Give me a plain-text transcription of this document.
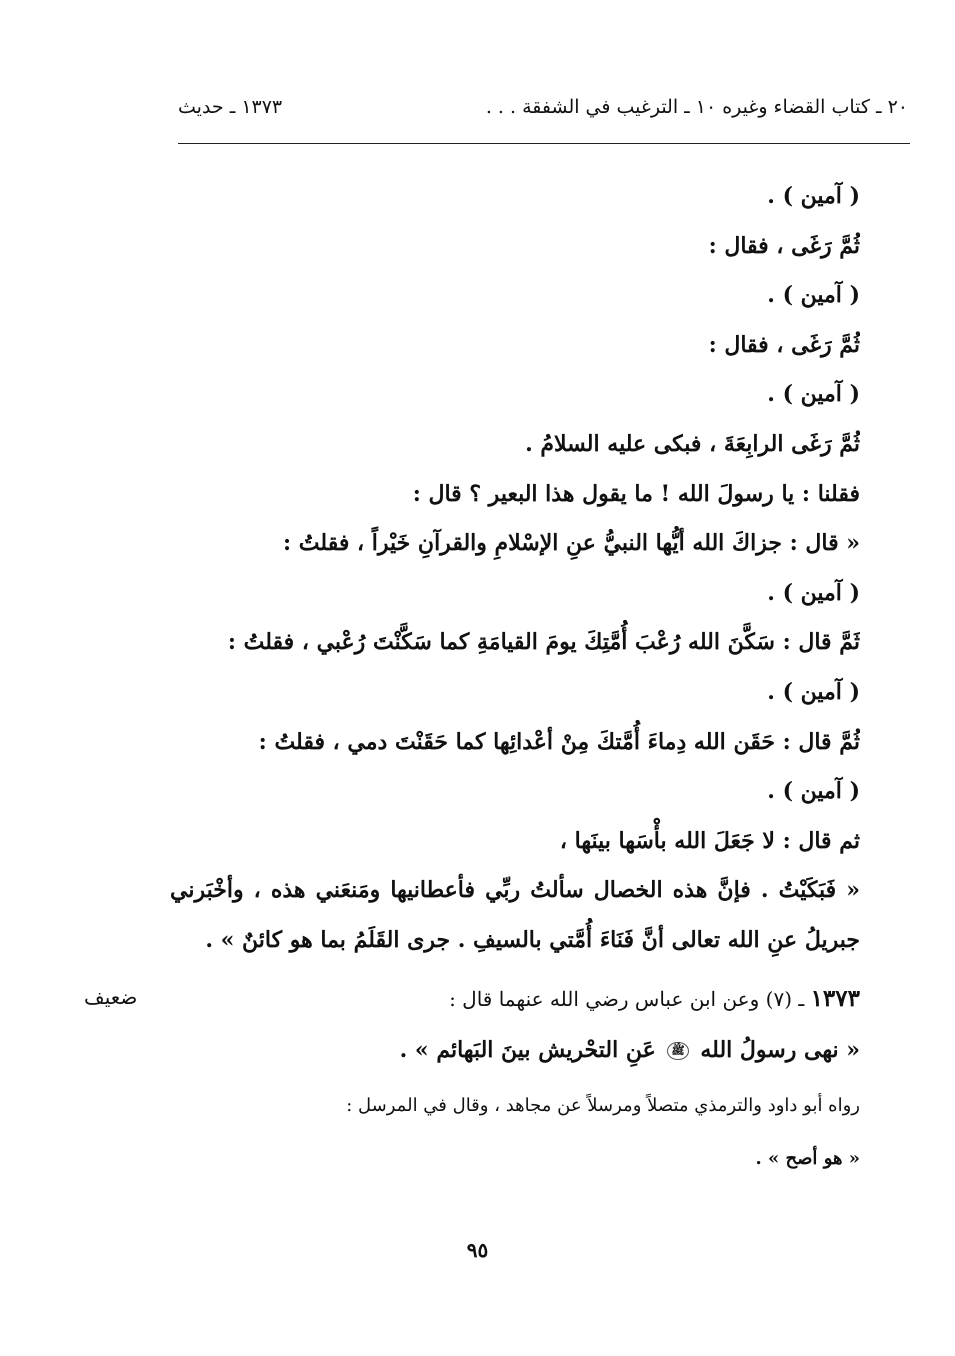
٢٠ ـ كتاب القضاء وغيره ١٠ ـ الترغيب في الشفقة . . .
١٣٧٣ ـ حديث
( آمين ) .
ثُمَّ رَغَى ، فقال :
( آمين ) .
ثُمَّ رَغَى ، فقال :
( آمين ) .
ثُمَّ رَغَى الرابِعَةَ ، فبكى عليه السلامُ .
فقلنا : يا رسولَ الله ! ما يقول هذا البعير ؟ قال :
« قال : جزاكَ الله أيُّها النبيُّ عنِ الإسْلامِ والقرآنِ خَيْراً ، فقلتُ :
( آمين ) .
ثَمَّ قال : سَكَّنَ الله رُعْبَ أُمَّتِكَ يومَ القيامَةِ كما سَكَّنْتَ رُعْبي ، فقلتُ :
( آمين ) .
ثُمَّ قال : حَقَن الله دِماءَ أُمَّتكَ مِنْ أعْدائِها كما حَقَنْتَ دمي ، فقلتُ :
( آمين ) .
ثم قال : لا جَعَلَ الله بأْسَها بينَها ،
« فَبَكَيْتُ . فإنَّ هذه الخصال سألتُ ربِّي فأعطانيها ومَنعَني هذه ، وأخْبَرني
جبريلُ عنِ الله تعالى أنَّ فَنَاءَ أُمَّتي بالسيفِ . جرى القَلَمُ بما هو كائنٌ » .
ضعيف	١٣٧٣ ـ (٧) وعن ابن عباس رضي الله عنهما قال :
« نهى رسولُ الله ﷺ عَنِ التحْريش بينَ البَهائم » .
رواه أبو داود والترمذي متصلاً ومرسلاً عن مجاهد ، وقال في المرسل :
« هو أصح » .
٩٥
